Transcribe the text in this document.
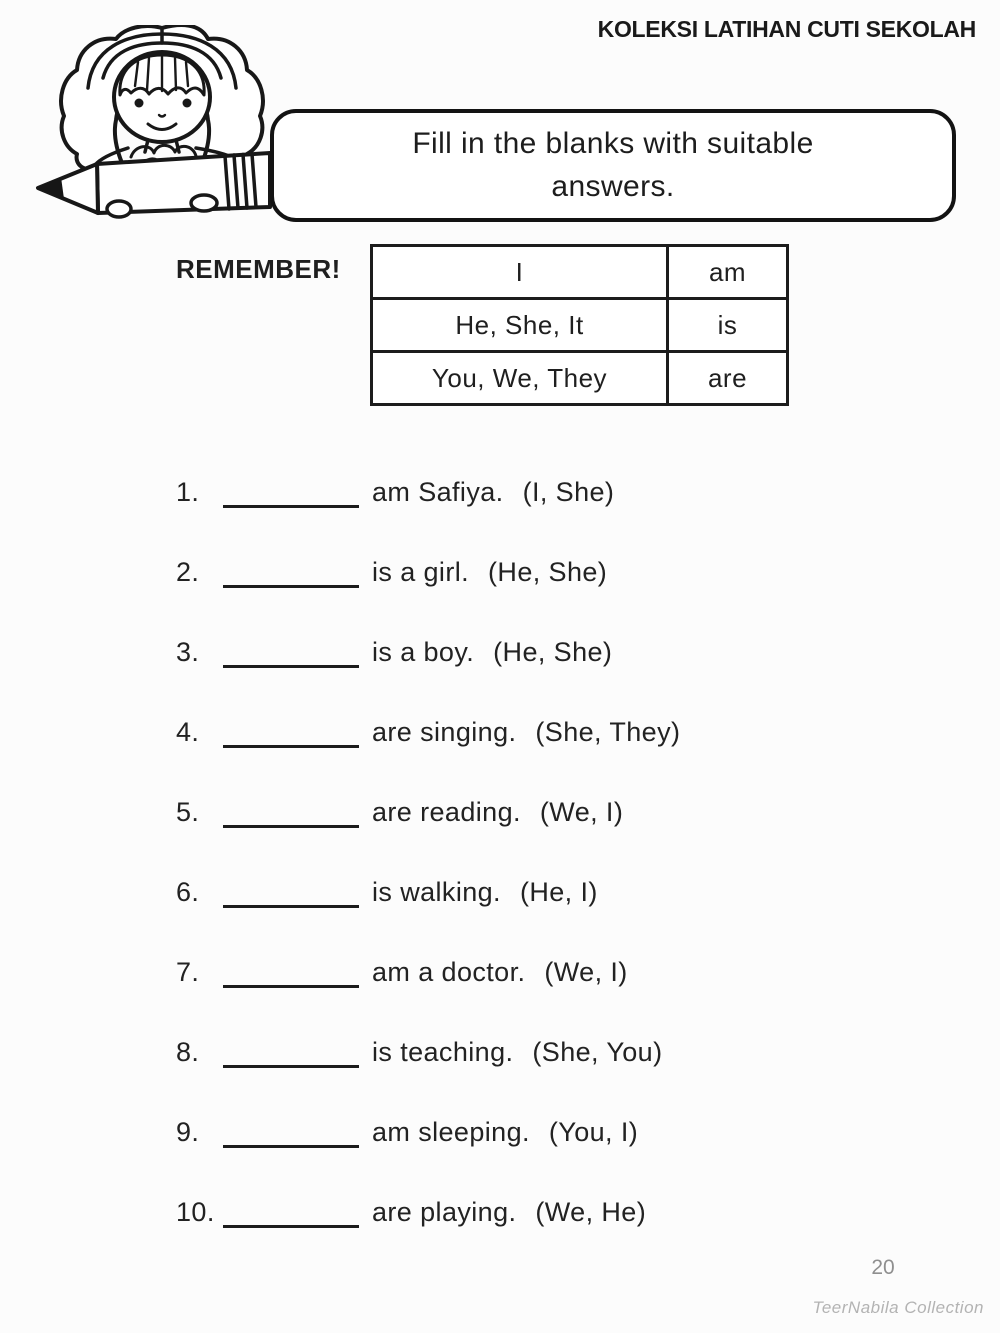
KOLEKSI LATIHAN CUTI SEKOLAH
Fill in the blanks with suitable answers.
REMEMBER!	I	am
He, She, It	is
You, We, They	are
1.	am Safiya. (I, She)
2.	is a girl. (He, She)
3.	is a boy. (He, She)
4.	are singing. (She, They)
5.	are reading. (We, I)
6.	is walking. (He, I)
7.	am a doctor. (We, I)
8.	is teaching. (She, You)
9.	am sleeping. (You, I)
10.	are playing. (We, He)
20
TeerNabila Collection
